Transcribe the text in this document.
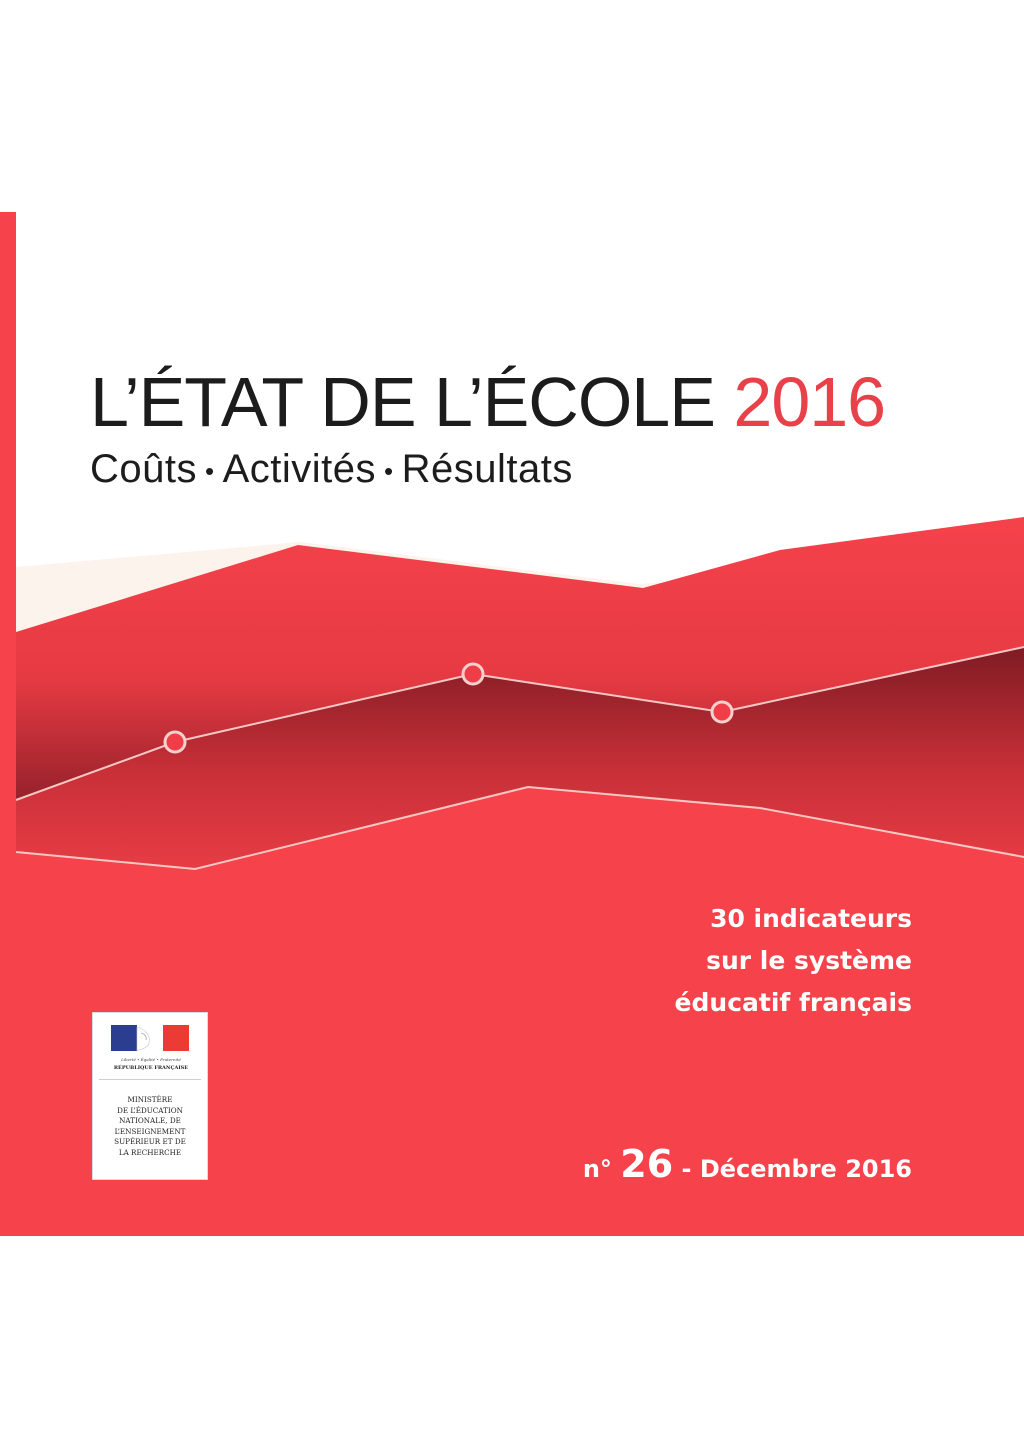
L’ÉTAT DE L’ÉCOLE 2016
Coûts • Activités • Résultats
30 indicateurs
sur le système
éducatif français
n° 26 - Décembre 2016
Liberté • Égalité • Fraternité
RÉPUBLIQUE FRANÇAISE
MINISTÈRE
DE L’ÉDUCATION
NATIONALE, DE
L’ENSEIGNEMENT
SUPÉRIEUR ET DE
LA RECHERCHE
